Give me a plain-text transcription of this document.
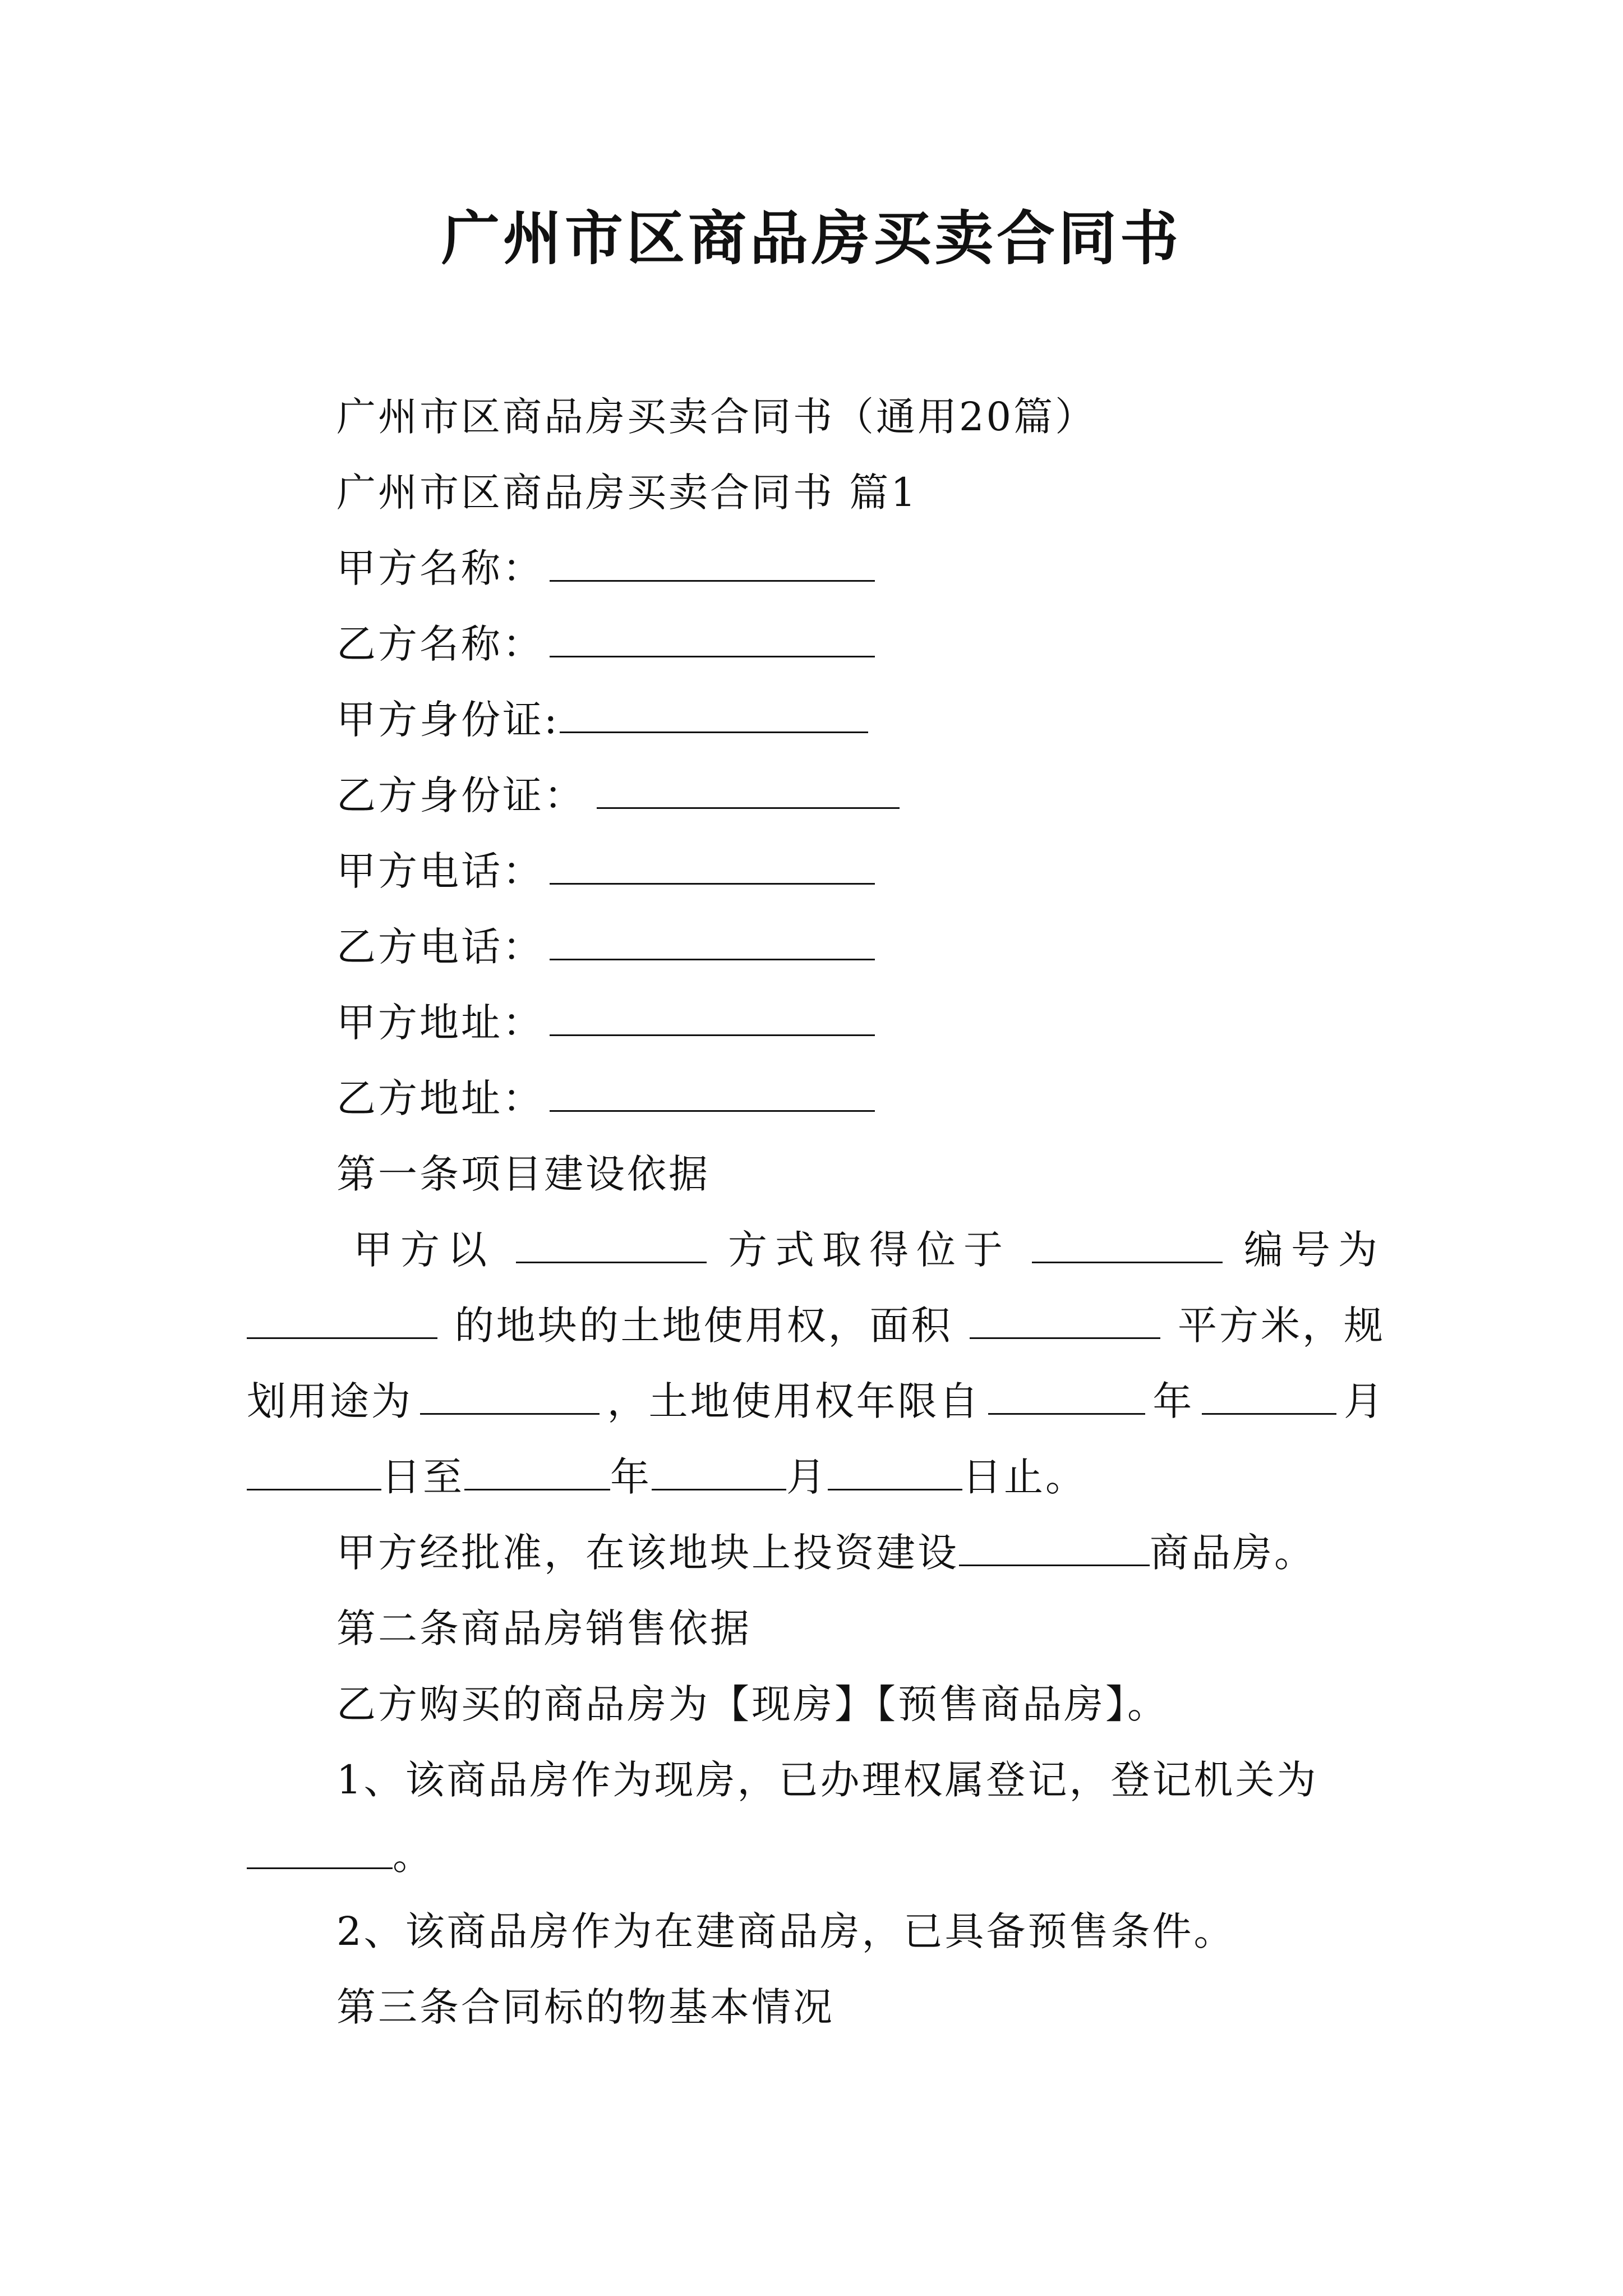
广州市区商品房买卖合同书
广州市区商品房买卖合同书（通用20篇）
广州市区商品房买卖合同书 篇1
甲方名称：
乙方名称：
甲方身份证:
乙方身份证：
甲方电话：
乙方电话：
甲方地址：
乙方地址：
第一条项目建设依据
甲方以	方式取得位于	编号为
的地块的土地使用权，面积	平方米，规
划用途为	，土地使用权年限自	年	月
日至	年	月	日止。
甲方经批准，在该地块上投资建设	商品房。
第二条商品房销售依据
乙方购买的商品房为【现房】【预售商品房】。
1、该商品房作为现房，已办理权属登记，登记机关为
。
2、该商品房作为在建商品房，已具备预售条件。
第三条合同标的物基本情况
